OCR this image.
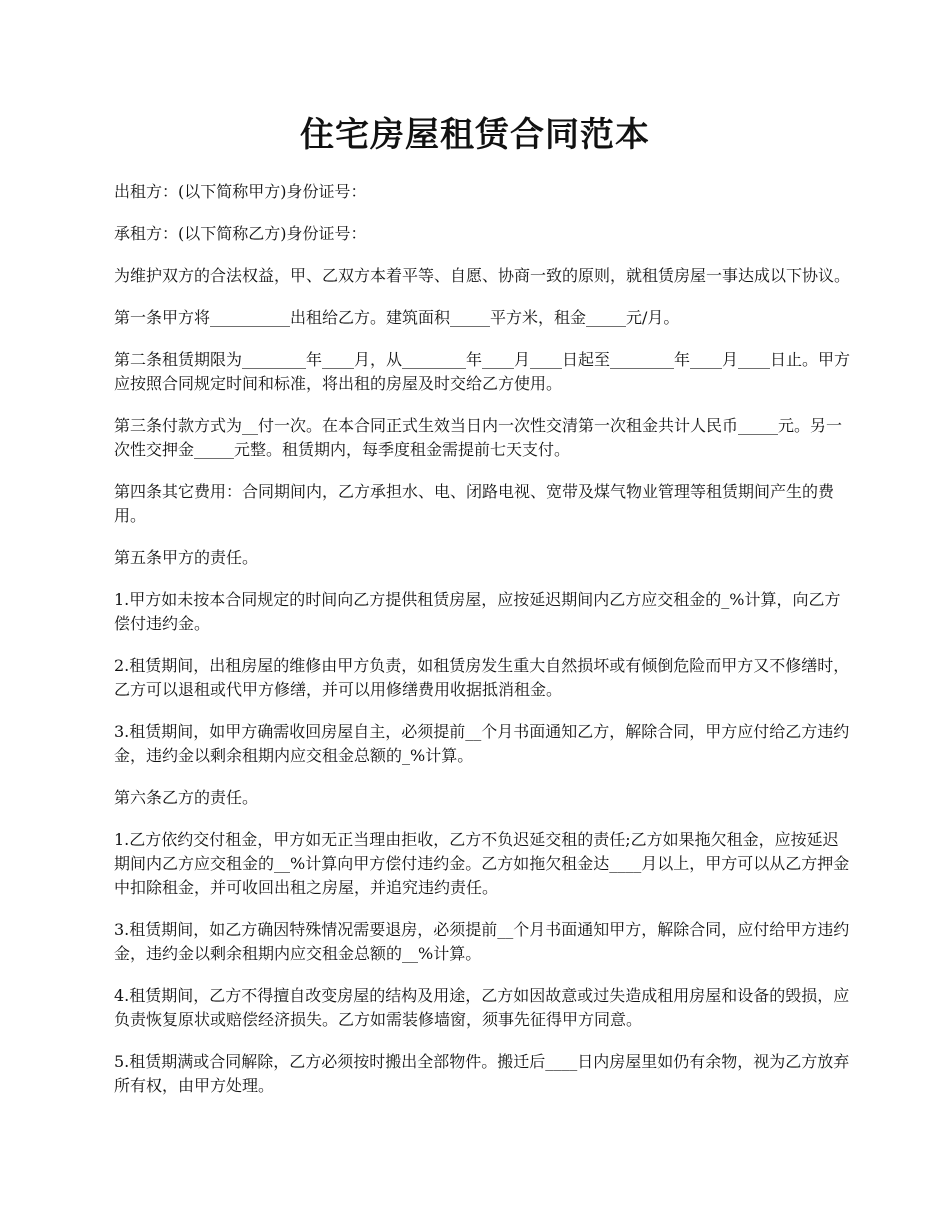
住宅房屋租赁合同范本

出租方：(以下简称甲方)身份证号：

承租方：(以下简称乙方)身份证号：

为维护双方的合法权益，甲、乙双方本着平等、自愿、协商一致的原则，就租赁房屋一事达成以下协议。

第一条甲方将__________出租给乙方。建筑面积_____平方米，租金_____元/月。

第二条租赁期限为________年____月，从________年____月____日起至________年____月____日止。甲方应按照合同规定时间和标准，将出租的房屋及时交给乙方使用。

第三条付款方式为__付一次。在本合同正式生效当日内一次性交清第一次租金共计人民币_____元。另一次性交押金_____元整。租赁期内，每季度租金需提前七天支付。

第四条其它费用：合同期间内，乙方承担水、电、闭路电视、宽带及煤气物业管理等租赁期间产生的费用。

第五条甲方的责任。

1.甲方如未按本合同规定的时间向乙方提供租赁房屋，应按延迟期间内乙方应交租金的_%计算，向乙方偿付违约金。

2.租赁期间，出租房屋的维修由甲方负责，如租赁房发生重大自然损坏或有倾倒危险而甲方又不修缮时，乙方可以退租或代甲方修缮，并可以用修缮费用收据抵消租金。

3.租赁期间，如甲方确需收回房屋自主，必须提前__个月书面通知乙方，解除合同，甲方应付给乙方违约金，违约金以剩余租期内应交租金总额的_%计算。

第六条乙方的责任。

1.乙方依约交付租金，甲方如无正当理由拒收，乙方不负迟延交租的责任;乙方如果拖欠租金，应按延迟期间内乙方应交租金的__%计算向甲方偿付违约金。乙方如拖欠租金达____月以上，甲方可以从乙方押金中扣除租金，并可收回出租之房屋，并追究违约责任。

3.租赁期间，如乙方确因特殊情况需要退房，必须提前__个月书面通知甲方，解除合同，应付给甲方违约金，违约金以剩余租期内应交租金总额的__%计算。

4.租赁期间，乙方不得擅自改变房屋的结构及用途，乙方如因故意或过失造成租用房屋和设备的毁损，应负责恢复原状或赔偿经济损失。乙方如需装修墙窗，须事先征得甲方同意。

5.租赁期满或合同解除，乙方必须按时搬出全部物件。搬迁后____日内房屋里如仍有余物，视为乙方放弃所有权，由甲方处理。
